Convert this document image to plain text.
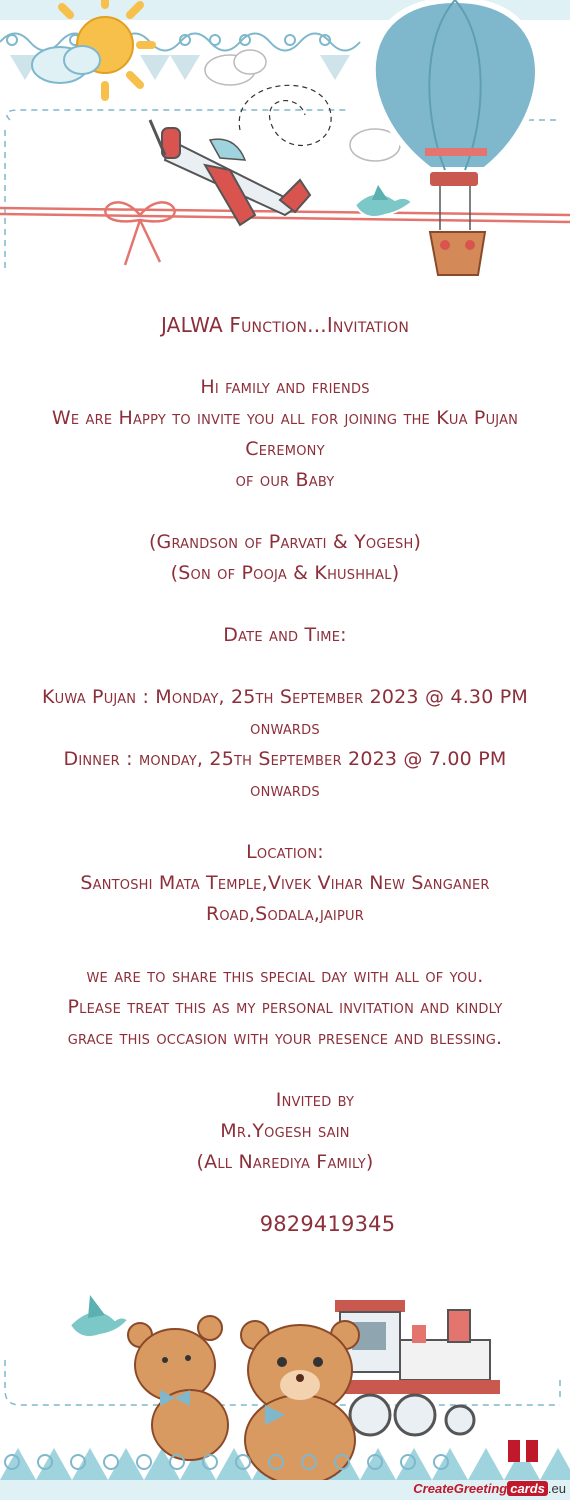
JALWA Function...Invitation
Hi family and friends
We are Happy to invite you all for joining the Kua Pujan
Ceremony
of our Baby
(Grandson of Parvati & Yogesh)
(Son of Pooja & Khushhal)
Date and Time:
Kuwa Pujan : Monday, 25th September 2023 @ 4.30 PM
onwards
Dinner : monday, 25th September 2023 @ 7.00 PM
onwards
Location:
Santoshi Mata Temple,Vivek Vihar New Sanganer
Road,Sodala,jaipur
we are to share this special day with all of you.
Please treat this as my personal invitation and kindly
grace this occasion with your presence and blessing.
Invited by
Mr.Yogesh sain
(All Narediya Family)
9829419345
CreateGreeting cards .eu
